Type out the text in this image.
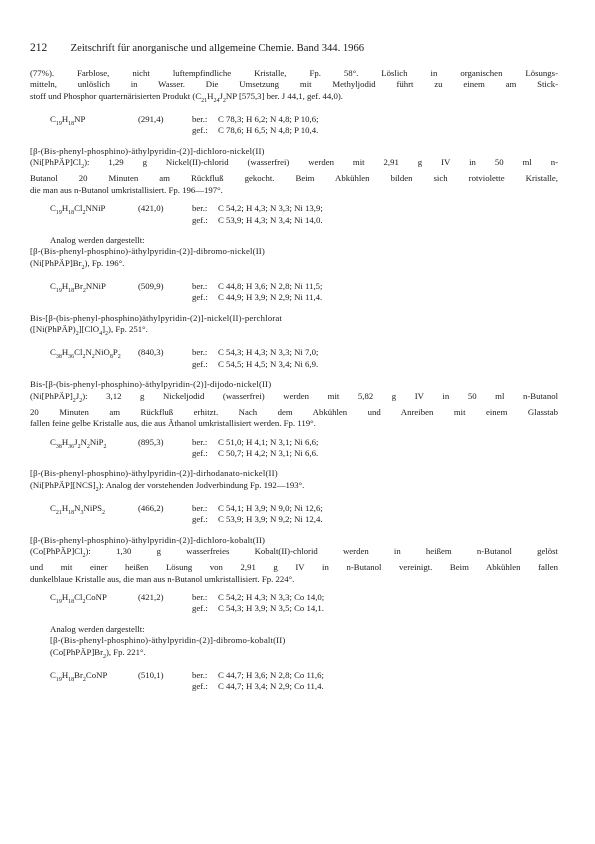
212 Zeitschrift für anorganische und allgemeine Chemie. Band 344. 1966
(77%). Farblose, nicht luftempfindliche Kristalle, Fp. 58°. Löslich in organischen Lösungs-
mitteln, unlöslich in Wasser. Die Umsetzung mit Methyljodid führt zu einem am Stick-
stoff und Phosphor quarternärisierten Produkt ($C_{21}H_{24}J_2NP$ [575,3] ber. J 44,1, gef. 44,0).
$C_{19}H_{18}NP$	(291,4)	ber.: C 78,3; H 6,2; N 4,8; P 10,6;
gef.: C 78,6; H 6,5; N 4,8; P 10,4.
[β-(Bis-phenyl-phosphino)-äthylpyridin-(2)]-dichloro-nickel(II)
$(Ni[PhPÄP]Cl_2)$: 1,29 g Nickel(II)-chlorid (wasserfrei) werden mit 2,91 g IV in 50 ml n-
Butanol 20 Minuten am Rückfluß gekocht. Beim Abkühlen bilden sich rotviolette Kristalle,
die man aus n-Butanol umkristallisiert. Fp. 196—197°.
$C_{19}H_{18}Cl_2NNiP$	(421,0)	ber.: C 54,2; H 4,3; N 3,3; Ni 13,9;
gef.: C 53,9; H 4,3; N 3,4; Ni 14,0.
Analog werden dargestellt:
[β-(Bis-phenyl-phosphino)-äthylpyridin-(2)]-dibromo-nickel(II)
$(Ni[PhPÄP]Br_2)$, Fp. 196°.
$C_{19}H_{18}Br_2NNiP$	(509,9)	ber.: C 44,8; H 3,6; N 2,8; Ni 11,5;
gef.: C 44,9; H 3,9; N 2,9; Ni 11,4.
Bis-[β-(bis-phenyl-phosphino)äthylpyridin-(2)]-nickel(II)-perchlorat
$([Ni(PhPÄP)_2][ClO_4]_2)$, Fp. 251°.
$C_{38}H_{36}Cl_2N_2NiO_8P_2$ (840,3)	ber.: C 54,3; H 4,3; N 3,3; Ni 7,0;
gef.: C 54,5; H 4,5; N 3,4; Ni 6,9.
Bis-[β-(bis-phenyl-phosphino)-äthylpyridin-(2)]-dijodo-nickel(II)
$(Ni[PhPÄP]_2J_2)$: 3,12 g Nickeljodid (wasserfrei) werden mit 5,82 g IV in 50 ml n-Butanol
20 Minuten am Rückfluß erhitzt. Nach dem Abkühlen und Anreiben mit einem Glasstab
fallen feine gelbe Kristalle aus, die aus Äthanol umkristallisiert werden. Fp. 119°.
$C_{38}H_{36}J_2N_2NiP_2$	(895,3)	ber.: C 51,0; H 4,1; N 3,1; Ni 6,6;
gef.: C 50,7; H 4,2; N 3,1; Ni 6,6.
[β-(Bis-phenyl-phosphino)-äthylpyridin-(2)]-dirhodanato-nickel(II)
$(Ni[PhPÄP][NCS]_2)$: Analog der vorstehenden Jodverbindung Fp. 192—193°.
$C_{21}H_{18}N_3NiPS_2$	(466,2)	ber.: C 54,1; H 3,9; N 9,0; Ni 12,6;
gef.: C 53,9; H 3,9; N 9,2; Ni 12,4.
[β-(Bis-phenyl-phosphino)-äthylpyridin-(2)]-dichloro-kobalt(II)
$(Co[PhPÄP]Cl_2)$: 1,30 g wasserfreies Kobalt(II)-chlorid werden in heißem n-Butanol gelöst
und mit einer heißen Lösung von 2,91 g IV in n-Butanol vereinigt. Beim Abkühlen fallen
dunkelblaue Kristalle aus, die man aus n-Butanol umkristallisiert. Fp. 224°.
$C_{19}H_{18}Cl_2CoNP$	(421,2)	ber.: C 54,2; H 4,3; N 3,3; Co 14,0;
gef.: C 54,3; H 3,9; N 3,5; Co 14,1.
Analog werden dargestellt:
[β-(Bis-phenyl-phosphino)-äthylpyridin-(2)]-dibromo-kobalt(II)
$(Co[PhPÄP]Br_2)$, Fp. 221°.
$C_{19}H_{18}Br_2CoNP$	(510,1)	ber.: C 44,7; H 3,6; N 2,8; Co 11,6;
gef.: C 44,7; H 3,4; N 2,9; Co 11,4.
